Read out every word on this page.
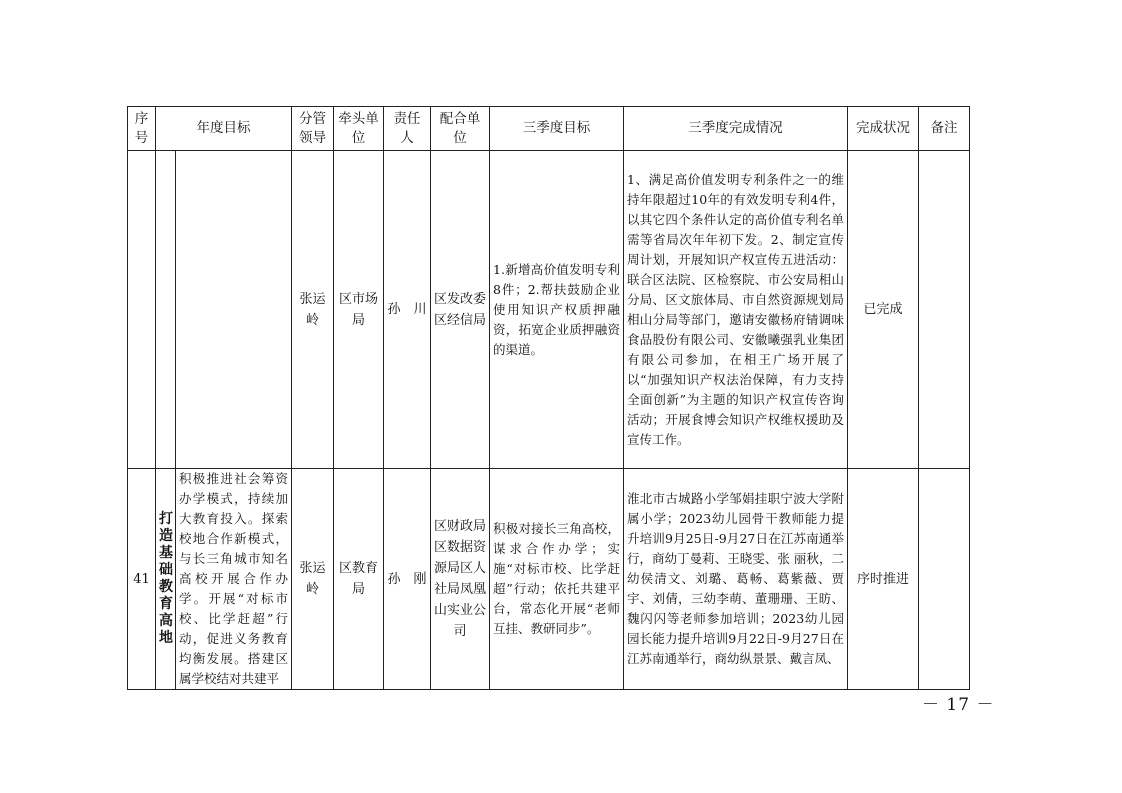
序号	年度目标		分管领导	牵头单位	责任人	配合单位	三季度目标	三季度完成情况	完成状况	备注
			张运岭	区市场局	孙　川	区发改委区经信局	1.新增高价值发明专利8件；2.帮扶鼓励企业使用知识产权质押融资，拓宽企业质押融资的渠道。	1、满足高价值发明专利条件之一的维持年限超过10年的有效发明专利4件，以其它四个条件认定的高价值专利名单需等省局次年年初下发。2、制定宣传周计划，开展知识产权宣传五进活动：联合区法院、区检察院、市公安局相山分局、区文旅体局、市自然资源规划局相山分局等部门，邀请安徽杨府锖调味食品股份有限公司、安徽曦强乳业集团有限公司参加，在相王广场开展了以“加强知识产权法治保障，有力支持全面创新”为主题的知识产权宣传咨询活动；开展食博会知识产权维权援助及宣传工作。	已完成	
41	打造基础教育高地	积极推进社会筹资办学模式，持续加大教育投入。探索校地合作新模式，与长三角城市知名高校开展合作办学。开展“对标市校、比学赶超”行动，促进义务教育均衡发展。搭建区属学校结对共建平	张运岭	区教育局	孙　刚	区财政局区数据资源局区人社局凤凰山实业公司	积极对接长三角高校，谋求合作办学；实施“对标市校、比学赶超”行动；依托共建平台，常态化开展“老师互挂、教研同步”。	淮北市古城路小学邹娟挂职宁波大学附属小学；2023幼儿园骨干教师能力提升培训9月25日-9月27日在江苏南通举行，商幼丁曼莉、王晓雯、张 丽秋，二幼侯清文、刘璐、葛畅、葛紫薇、贾宇、刘倩，三幼李萌、董珊珊、王昉、魏闪闪等老师参加培训；2023幼儿园园长能力提升培训9月22日-9月27日在江苏南通举行，商幼纵景景、戴言凤、	序时推进	
－ 17 －
